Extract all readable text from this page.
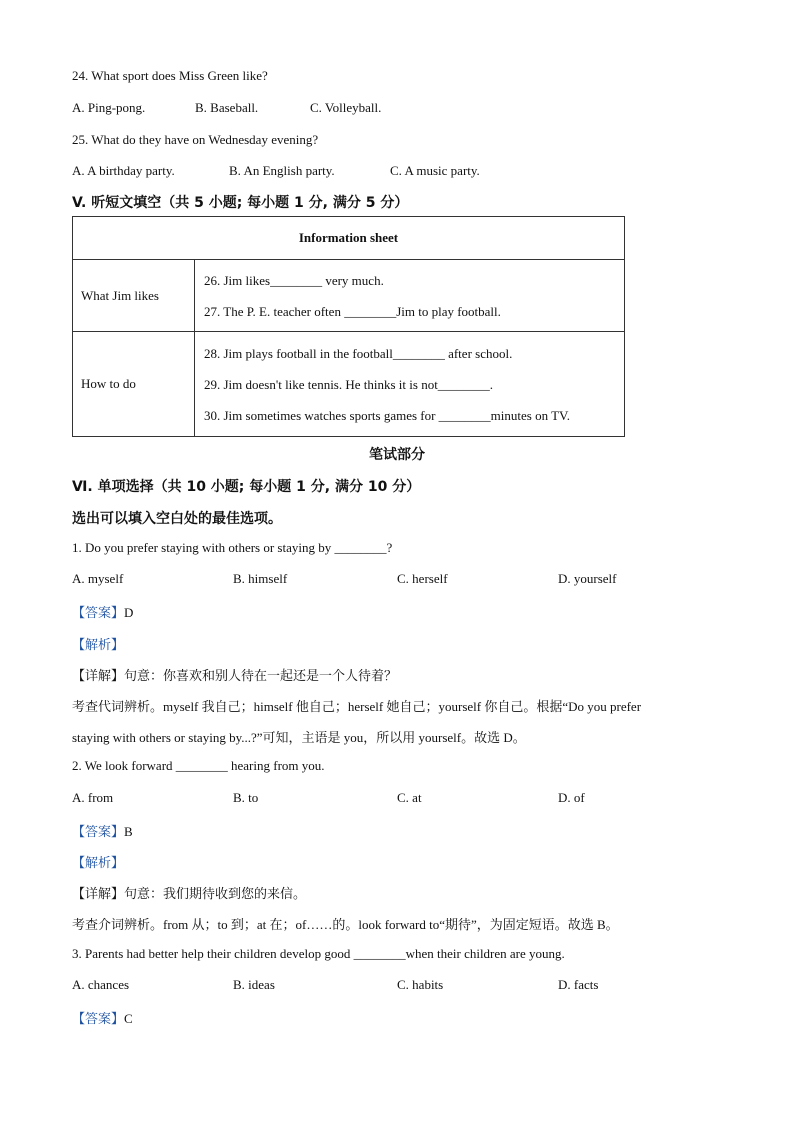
24. What sport does Miss Green like?
A. Ping-pong.	B. Baseball.	C. Volleyball.
25. What do they have on Wednesday evening?
A. A birthday party.	B. An English party.	C. A music party.
V. 听短文填空（共 5 小题; 每小题 1 分, 满分 5 分）
Information sheet	
What Jim likes	26. Jim likes________ very much.
27. The P. E. teacher often ________Jim to play football.

How to do	28. Jim plays football in the football________ after school.
29. Jim doesn't like tennis. He thinks it is not________.
30. Jim sometimes watches sports games for ________minutes on TV.
笔试部分
Ⅵ. 单项选择（共 10 小题; 每小题 1 分, 满分 10 分）
选出可以填入空白处的最佳选项。
1. Do you prefer staying with others or staying by ________?
A. myself	B. himself	C. herself	D. yourself
【答案】D
【解析】
【详解】句意：你喜欢和别人待在一起还是一个人待着？
考查代词辨析。myself 我自己；himself 他自己；herself 她自己；yourself 你自己。根据“Do you prefer
staying with others or staying by...?”可知，主语是 you，所以用 yourself。故选 D。
2. We look forward ________ hearing from you.
A. from	B. to	C. at	D. of
【答案】B
【解析】
【详解】句意：我们期待收到您的来信。
考查介词辨析。from 从；to 到；at 在；of……的。look forward to“期待”，为固定短语。故选 B。
3. Parents had better help their children develop good ________when their children are young.
A. chances	B. ideas	C. habits	D. facts
【答案】C
